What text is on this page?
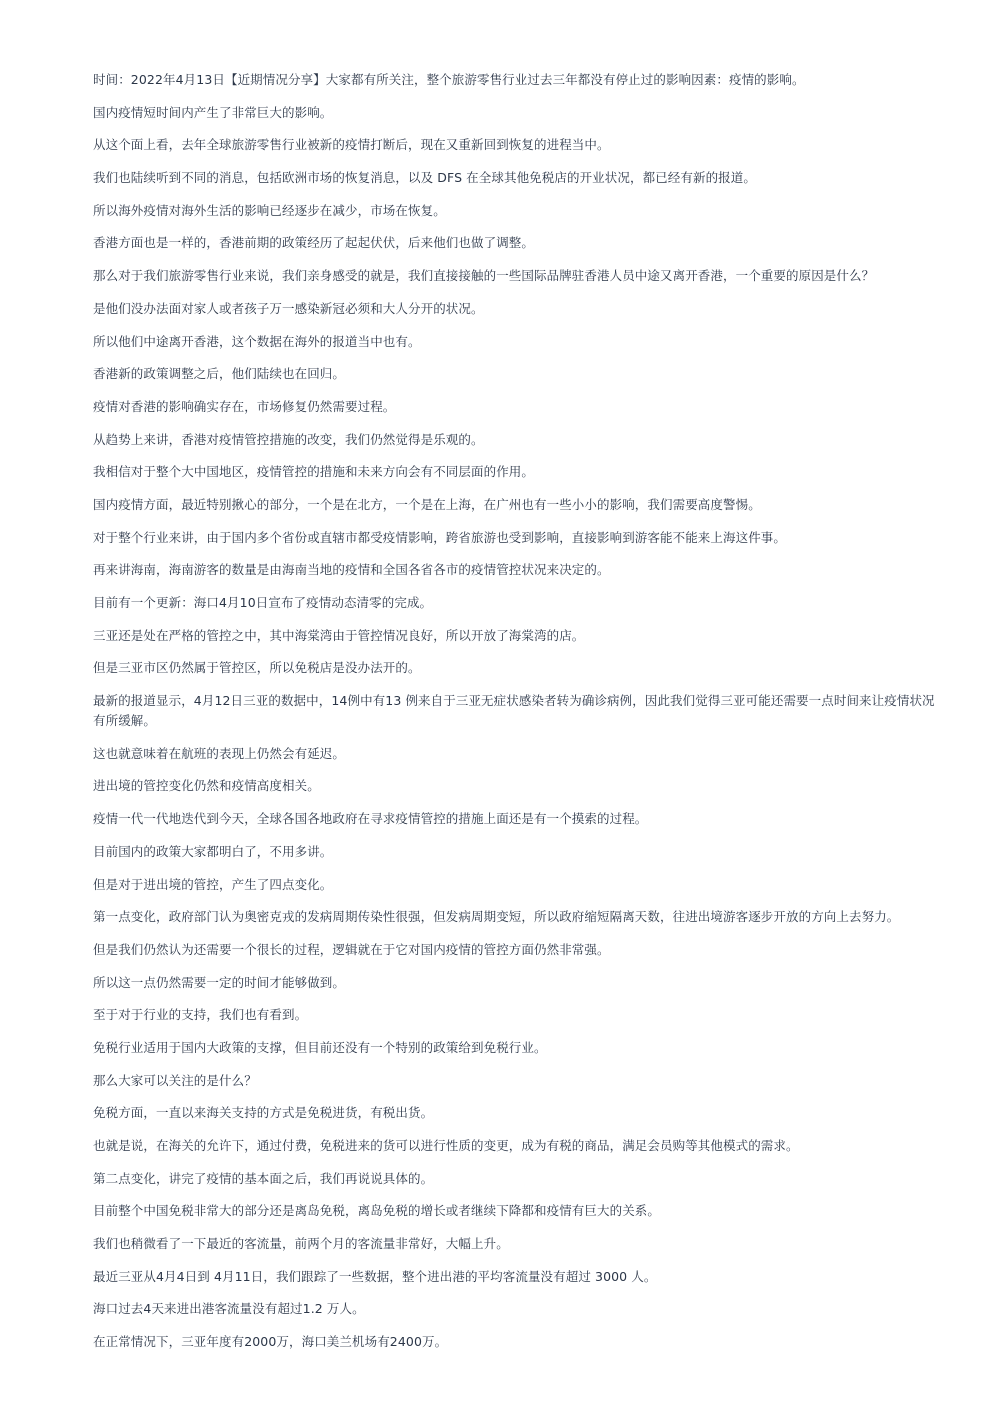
时间：2022年4月13日【近期情况分享】大家都有所关注，整个旅游零售行业过去三年都没有停止过的影响因素：疫情的影响。

国内疫情短时间内产生了非常巨大的影响。

从这个面上看，去年全球旅游零售行业被新的疫情打断后，现在又重新回到恢复的进程当中。

我们也陆续听到不同的消息，包括欧洲市场的恢复消息，以及 DFS 在全球其他免税店的开业状况，都已经有新的报道。

所以海外疫情对海外生活的影响已经逐步在减少，市场在恢复。

香港方面也是一样的，香港前期的政策经历了起起伏伏，后来他们也做了调整。

那么对于我们旅游零售行业来说，我们亲身感受的就是，我们直接接触的一些国际品牌驻香港人员中途又离开香港，一个重要的原因是什么？

是他们没办法面对家人或者孩子万一感染新冠必须和大人分开的状况。

所以他们中途离开香港，这个数据在海外的报道当中也有。

香港新的政策调整之后，他们陆续也在回归。

疫情对香港的影响确实存在，市场修复仍然需要过程。

从趋势上来讲，香港对疫情管控措施的改变，我们仍然觉得是乐观的。

我相信对于整个大中国地区，疫情管控的措施和未来方向会有不同层面的作用。

国内疫情方面，最近特别揪心的部分，一个是在北方，一个是在上海，在广州也有一些小小的影响，我们需要高度警惕。

对于整个行业来讲，由于国内多个省份或直辖市都受疫情影响，跨省旅游也受到影响，直接影响到游客能不能来上海这件事。

再来讲海南，海南游客的数量是由海南当地的疫情和全国各省各市的疫情管控状况来决定的。

目前有一个更新：海口4月10日宣布了疫情动态清零的完成。

三亚还是处在严格的管控之中，其中海棠湾由于管控情况良好，所以开放了海棠湾的店。

但是三亚市区仍然属于管控区，所以免税店是没办法开的。

最新的报道显示，4月12日三亚的数据中，14例中有13 例来自于三亚无症状感染者转为确诊病例，因此我们觉得三亚可能还需要一点时间来让疫情状况有所缓解。

这也就意味着在航班的表现上仍然会有延迟。

进出境的管控变化仍然和疫情高度相关。

疫情一代一代地迭代到今天，全球各国各地政府在寻求疫情管控的措施上面还是有一个摸索的过程。

目前国内的政策大家都明白了，不用多讲。

但是对于进出境的管控，产生了四点变化。

第一点变化，政府部门认为奥密克戎的发病周期传染性很强，但发病周期变短，所以政府缩短隔离天数，往进出境游客逐步开放的方向上去努力。

但是我们仍然认为还需要一个很长的过程，逻辑就在于它对国内疫情的管控方面仍然非常强。

所以这一点仍然需要一定的时间才能够做到。

至于对于行业的支持，我们也有看到。

免税行业适用于国内大政策的支撑，但目前还没有一个特别的政策给到免税行业。

那么大家可以关注的是什么？

免税方面，一直以来海关支持的方式是免税进货，有税出货。

也就是说，在海关的允许下，通过付费，免税进来的货可以进行性质的变更，成为有税的商品，满足会员购等其他模式的需求。

第二点变化，讲完了疫情的基本面之后，我们再说说具体的。

目前整个中国免税非常大的部分还是离岛免税，离岛免税的增长或者继续下降都和疫情有巨大的关系。

我们也稍微看了一下最近的客流量，前两个月的客流量非常好，大幅上升。

最近三亚从4月4日到 4月11日，我们跟踪了一些数据，整个进出港的平均客流量没有超过 3000 人。

海口过去4天来进出港客流量没有超过1.2 万人。

在正常情况下，三亚年度有2000万，海口美兰机场有2400万。
